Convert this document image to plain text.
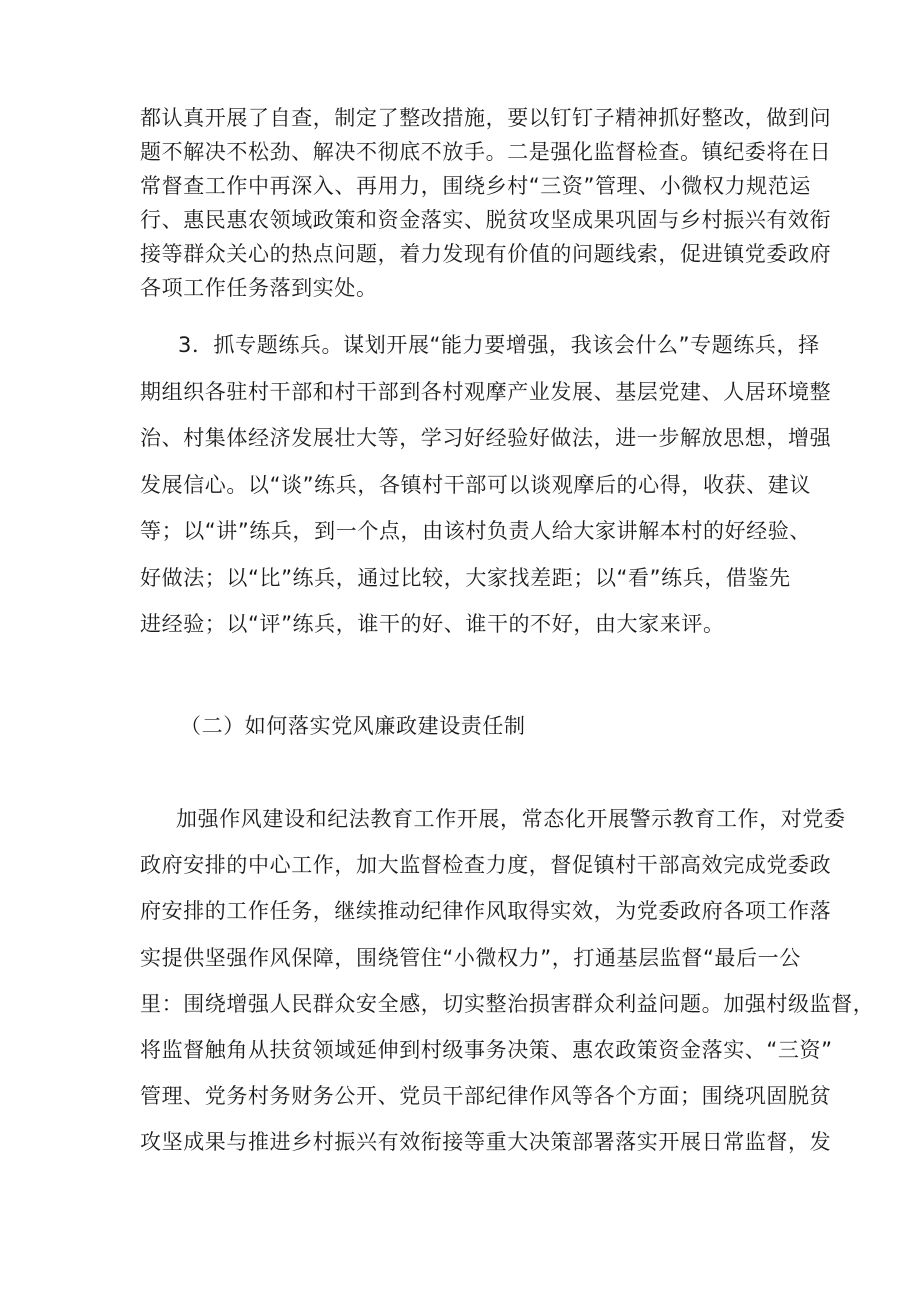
都认真开展了自查，制定了整改措施，要以钉钉子精神抓好整改，做到问
题不解决不松劲、解决不彻底不放手。二是强化监督检查。镇纪委将在日
常督查工作中再深入、再用力，围绕乡村“三资”管理、小微权力规范运
行、惠民惠农领域政策和资金落实、脱贫攻坚成果巩固与乡村振兴有效衔
接等群众关心的热点问题，着力发现有价值的问题线索，促进镇党委政府
各项工作任务落到实处。
3．抓专题练兵。谋划开展“能力要增强，我该会什么”专题练兵，择
期组织各驻村干部和村干部到各村观摩产业发展、基层党建、人居环境整
治、村集体经济发展壮大等，学习好经验好做法，进一步解放思想，增强
发展信心。以“谈”练兵，各镇村干部可以谈观摩后的心得，收获、建议
等；以“讲”练兵，到一个点，由该村负责人给大家讲解本村的好经验、
好做法；以“比”练兵，通过比较，大家找差距；以“看”练兵，借鉴先
进经验；以“评”练兵，谁干的好、谁干的不好，由大家来评。
（二）如何落实党风廉政建设责任制
加强作风建设和纪法教育工作开展，常态化开展警示教育工作，对党委
政府安排的中心工作，加大监督检查力度，督促镇村干部高效完成党委政
府安排的工作任务，继续推动纪律作风取得实效，为党委政府各项工作落
实提供坚强作风保障，围绕管住“小微权力”，打通基层监督“最后一公
里：围绕增强人民群众安全感，切实整治损害群众利益问题。加强村级监督，
将监督触角从扶贫领域延伸到村级事务决策、惠农政策资金落实、“三资”
管理、党务村务财务公开、党员干部纪律作风等各个方面；围绕巩固脱贫
攻坚成果与推进乡村振兴有效衔接等重大决策部署落实开展日常监督，发
